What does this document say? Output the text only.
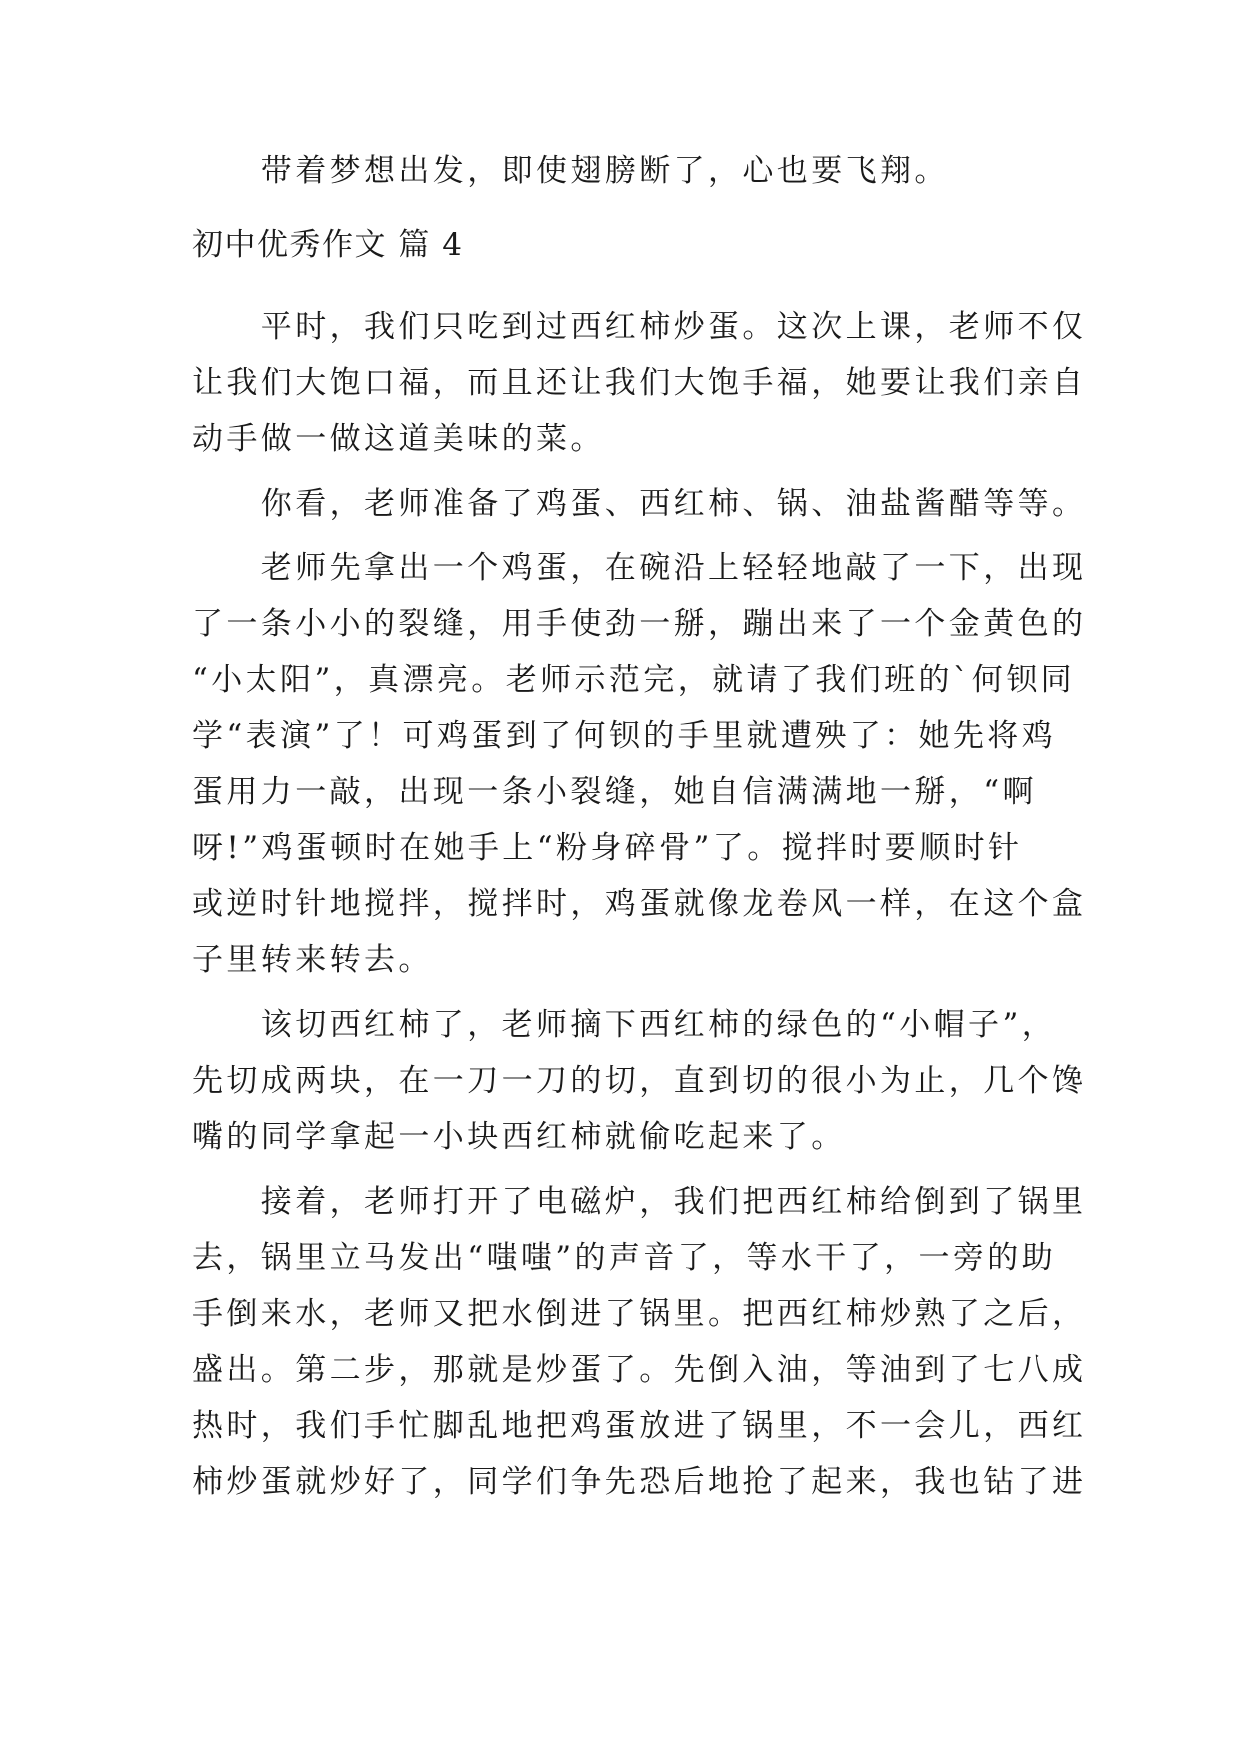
　　带着梦想出发，即使翅膀断了，心也要飞翔。
初中优秀作文 篇 4
　　平时，我们只吃到过西红柿炒蛋。这次上课，老师不仅
让我们大饱口福，而且还让我们大饱手福，她要让我们亲自
动手做一做这道美味的菜。
　　你看，老师准备了鸡蛋、西红柿、锅、油盐酱醋等等。
　　老师先拿出一个鸡蛋，在碗沿上轻轻地敲了一下，出现
了一条小小的裂缝，用手使劲一掰，蹦出来了一个金黄色的
“小太阳”，真漂亮。老师示范完，就请了我们班的`何钡同
学“表演”了！可鸡蛋到了何钡的手里就遭殃了：她先将鸡
蛋用力一敲，出现一条小裂缝，她自信满满地一掰，“啊
呀!”鸡蛋顿时在她手上“粉身碎骨”了。搅拌时要顺时针
或逆时针地搅拌，搅拌时，鸡蛋就像龙卷风一样，在这个盒
子里转来转去。
　　该切西红柿了，老师摘下西红柿的绿色的“小帽子”，
先切成两块，在一刀一刀的切，直到切的很小为止，几个馋
嘴的同学拿起一小块西红柿就偷吃起来了。
　　接着，老师打开了电磁炉，我们把西红柿给倒到了锅里
去，锅里立马发出“嗤嗤”的声音了，等水干了，一旁的助
手倒来水，老师又把水倒进了锅里。把西红柿炒熟了之后，
盛出。第二步，那就是炒蛋了。先倒入油，等油到了七八成
热时，我们手忙脚乱地把鸡蛋放进了锅里，不一会儿，西红
柿炒蛋就炒好了，同学们争先恐后地抢了起来，我也钻了进
